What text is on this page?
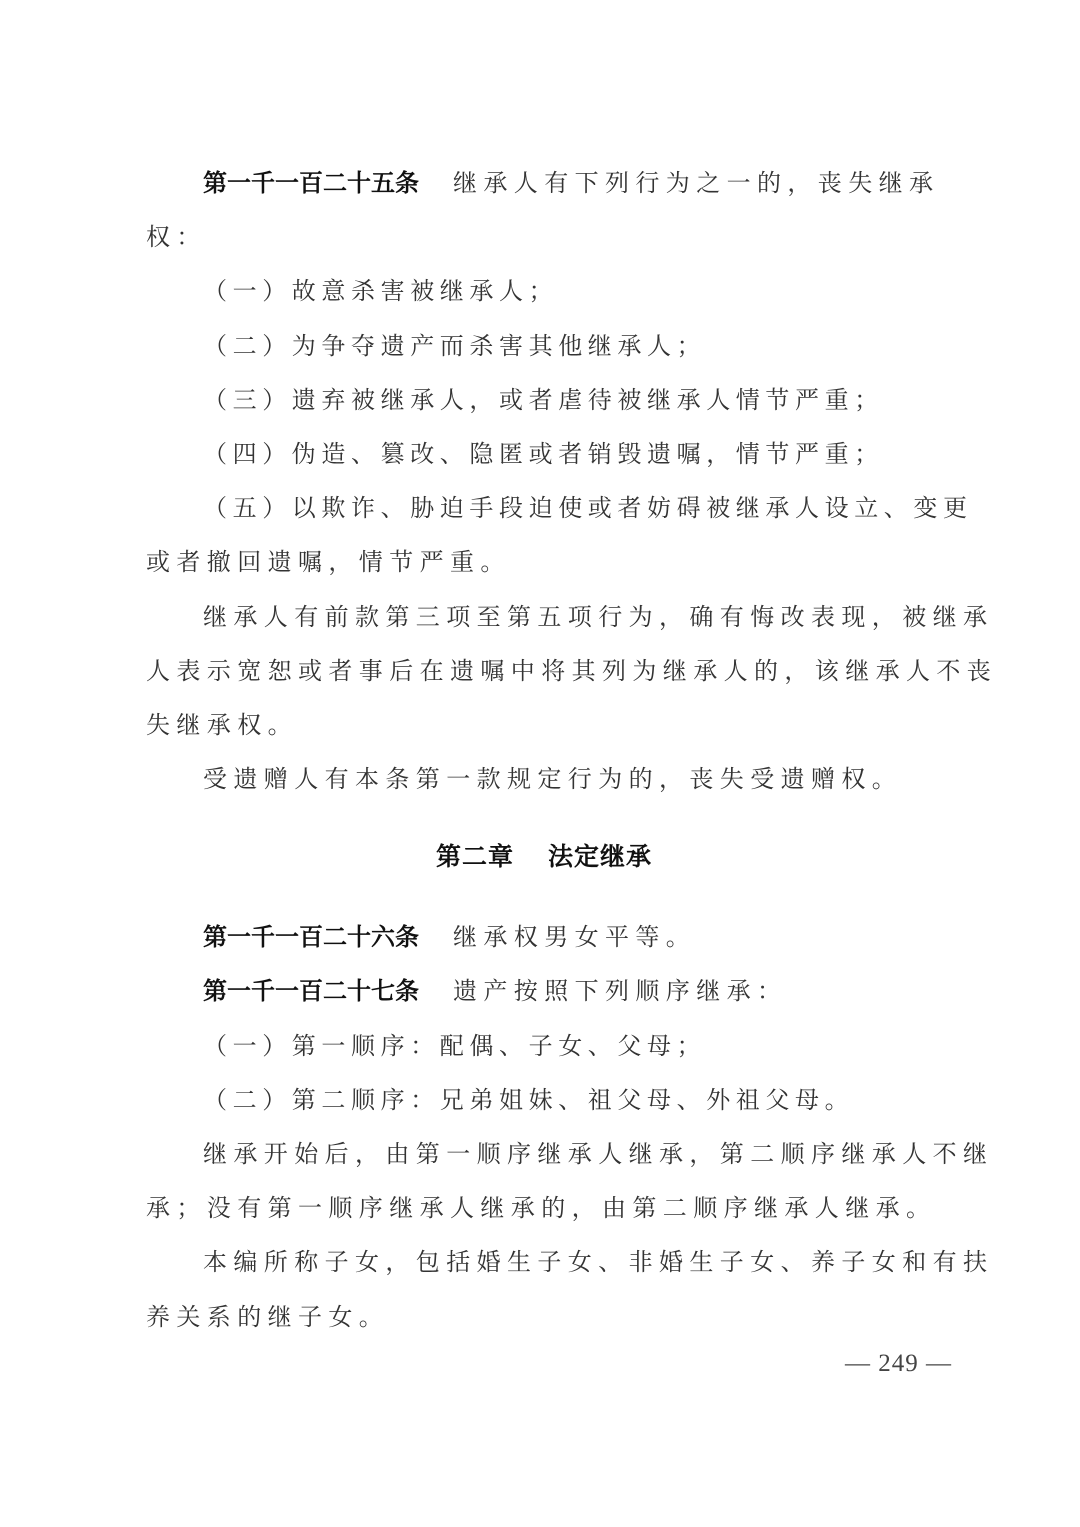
第一千一百二十五条 继承人有下列行为之一的，丧失继承
权：
（一）故意杀害被继承人；
（二）为争夺遗产而杀害其他继承人；
（三）遗弃被继承人，或者虐待被继承人情节严重；
（四）伪造、篡改、隐匿或者销毁遗嘱，情节严重；
（五）以欺诈、胁迫手段迫使或者妨碍被继承人设立、变更
或者撤回遗嘱，情节严重。
继承人有前款第三项至第五项行为，确有悔改表现，被继承
人表示宽恕或者事后在遗嘱中将其列为继承人的，该继承人不丧
失继承权。
受遗赠人有本条第一款规定行为的，丧失受遗赠权。
第二章 法定继承
第一千一百二十六条 继承权男女平等。
第一千一百二十七条 遗产按照下列顺序继承：
（一）第一顺序：配偶、子女、父母；
（二）第二顺序：兄弟姐妹、祖父母、外祖父母。
继承开始后，由第一顺序继承人继承，第二顺序继承人不继
承；没有第一顺序继承人继承的，由第二顺序继承人继承。
本编所称子女，包括婚生子女、非婚生子女、养子女和有扶
养关系的继子女。
— 249 —
